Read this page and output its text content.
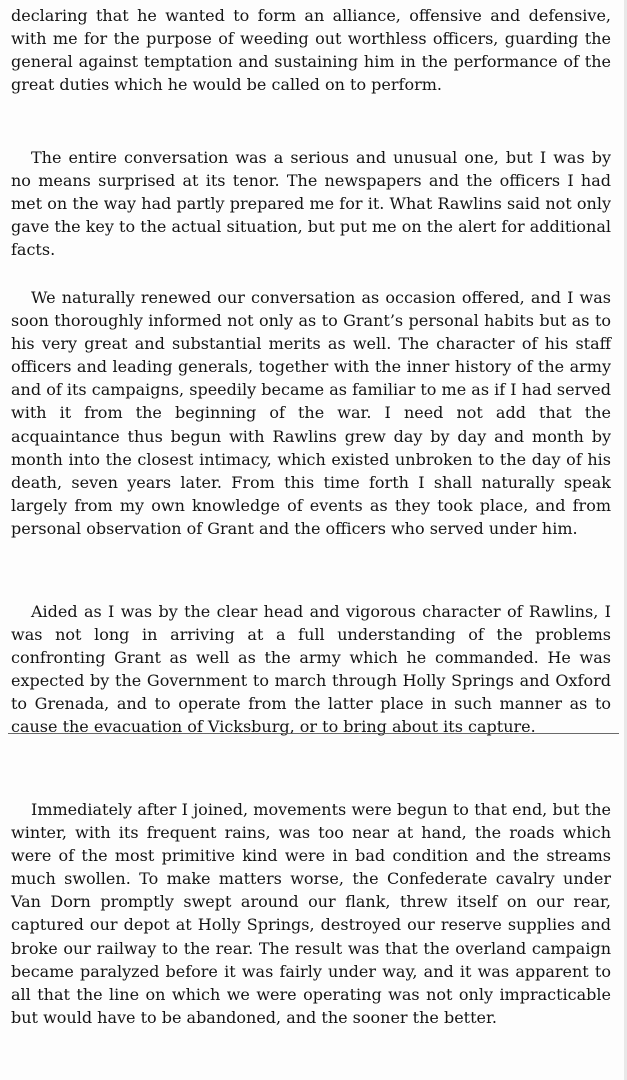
declaring that he wanted to form an alliance, offensive and defensive, with me for the purpose of weeding out worthless officers, guarding the general against temptation and sustaining him in the performance of the great duties which he would be called on to perform.

The entire conversation was a serious and unusual one, but I was by no means surprised at its tenor. The newspapers and the officers I had met on the way had partly prepared me for it. What Rawlins said not only gave the key to the actual situation, but put me on the alert for additional facts.

We naturally renewed our conversation as occasion offered, and I was soon thoroughly informed not only as to Grant’s personal habits but as to his very great and substantial merits as well. The character of his staff officers and leading generals, together with the inner history of the army and of its campaigns, speedily became as familiar to me as if I had served with it from the beginning of the war. I need not add that the acquaintance thus begun with Rawlins grew day by day and month by month into the closest intimacy, which existed unbroken to the day of his death, seven years later. From this time forth I shall naturally speak largely from my own knowledge of events as they took place, and from personal observation of Grant and the officers who served under him.

Aided as I was by the clear head and vigorous character of Rawlins, I was not long in arriving at a full understanding of the problems confronting Grant as well as the army which he commanded. He was expected by the Government to march through Holly Springs and Oxford to Grenada, and to operate from the latter place in such manner as to cause the evacuation of Vicksburg, or to bring about its capture.

Immediately after I joined, movements were begun to that end, but the winter, with its frequent rains, was too near at hand, the roads which were of the most primitive kind were in bad condition and the streams much swollen. To make matters worse, the Confederate cavalry under Van Dorn promptly swept around our flank, threw itself on our rear, captured our depot at Holly Springs, destroyed our reserve supplies and broke our railway to the rear. The result was that the overland campaign became paralyzed before it was fairly under way, and it was apparent to all that the line on which we were operating was not only impracticable but would have to be abandoned, and the sooner the better.
